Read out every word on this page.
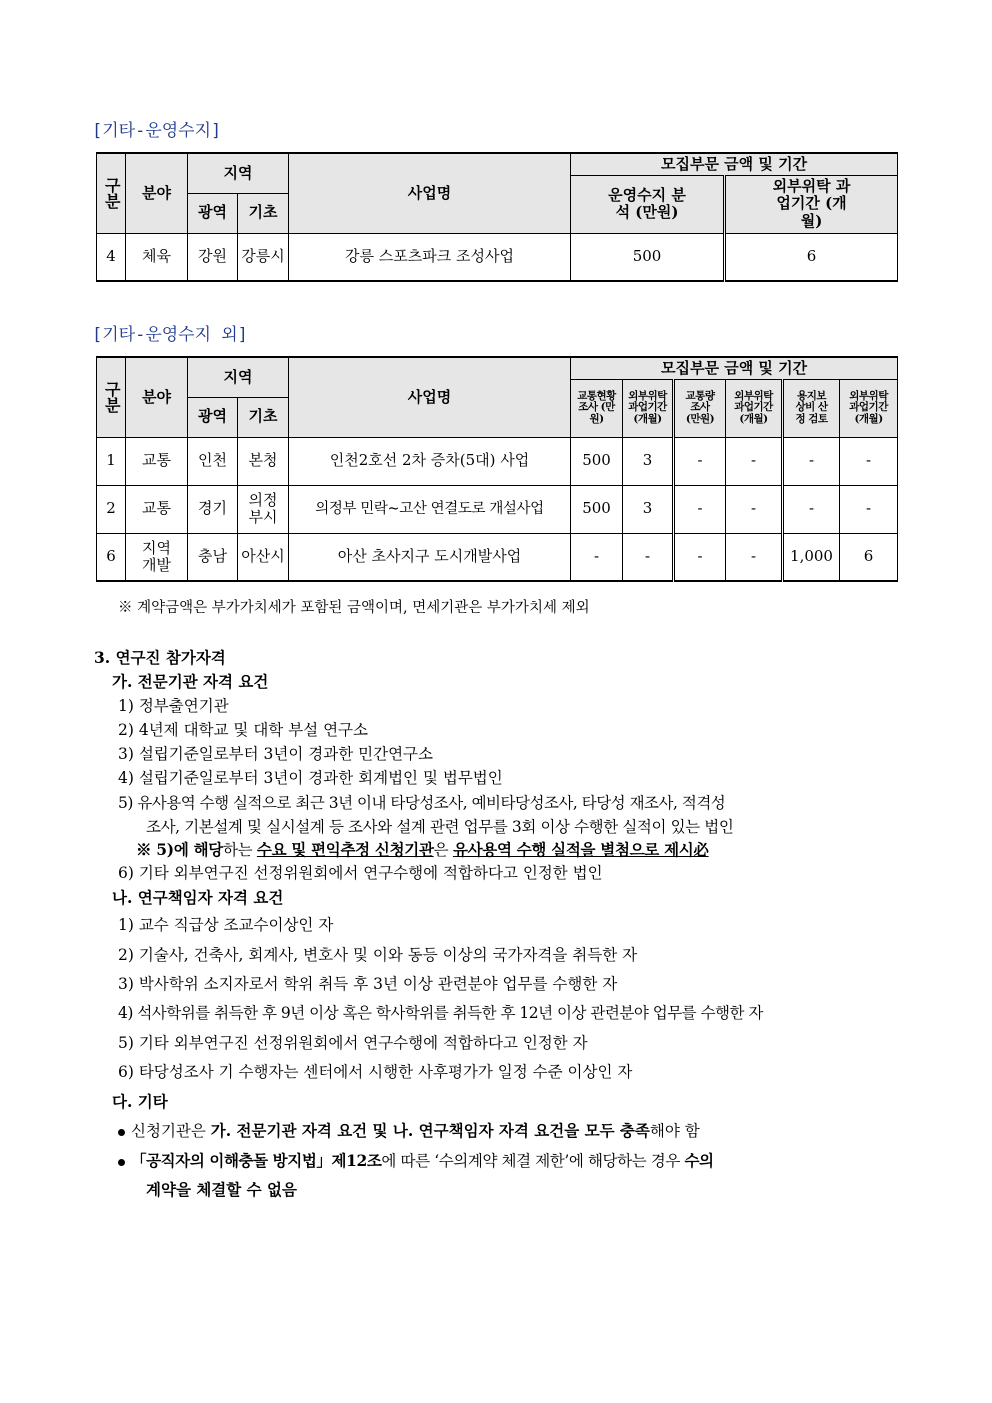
[기타-운영수지]
구분	분야	지역		사업명	모집부문 금액 및 기간	
					운영수지 분석 (만원)	외부위탁 과업기간 (개월)
		광역	기초			
4	체육	강원	강릉시	강릉 스포츠파크 조성사업	500	6
[기타-운영수지 외]
구분	분야	지역		사업명	모집부문 금액 및 기간					
					교통현황 조사 (만원)	외부위탁 과업기간 (개월)	교통량 조사 (만원)	외부위탁 과업기간 (개월)	용지보상비 산정 검토	외부위탁 과업기간 (개월)
		광역	기초							
1	교통	인천	본청	인천2호선 2차 증차(5대) 사업	500	3	-	-	-	-
2	교통	경기	의정부시	의정부 민락~고산 연결도로 개설사업	500	3	-	-	-	-
6	지역 개발	충남	아산시	아산 초사지구 도시개발사업	-	-	-	-	1,000	6
※ 계약금액은 부가가치세가 포함된 금액이며, 면세기관은 부가가치세 제외
3. 연구진 참가자격
가. 전문기관 자격 요건
1) 정부출연기관
2) 4년제 대학교 및 대학 부설 연구소
3) 설립기준일로부터 3년이 경과한 민간연구소
4) 설립기준일로부터 3년이 경과한 회계법인 및 법무법인
5) 유사용역 수행 실적으로 최근 3년 이내 타당성조사, 예비타당성조사, 타당성 재조사, 적격성
조사, 기본설계 및 실시설계 등 조사와 설계 관련 업무를 3회 이상 수행한 실적이 있는 법인
※ 5)에 해당하는 수요 및 편익추정 신청기관은 유사용역 수행 실적을 별첨으로 제시必
6) 기타 외부연구진 선정위원회에서 연구수행에 적합하다고 인정한 법인
나. 연구책임자 자격 요건
1) 교수 직급상 조교수이상인 자
2) 기술사, 건축사, 회계사, 변호사 및 이와 동등 이상의 국가자격을 취득한 자
3) 박사학위 소지자로서 학위 취득 후 3년 이상 관련분야 업무를 수행한 자
4) 석사학위를 취득한 후 9년 이상 혹은 학사학위를 취득한 후 12년 이상 관련분야 업무를 수행한 자
5) 기타 외부연구진 선정위원회에서 연구수행에 적합하다고 인정한 자
6) 타당성조사 기 수행자는 센터에서 시행한 사후평가가 일정 수준 이상인 자
다. 기타
신청기관은 가. 전문기관 자격 요건 및 나. 연구책임자 자격 요건을 모두 충족해야 함
「공직자의 이해충돌 방지법」제12조에 따른 ‘수의계약 체결 제한’에 해당하는 경우 수의
계약을 체결할 수 없음
